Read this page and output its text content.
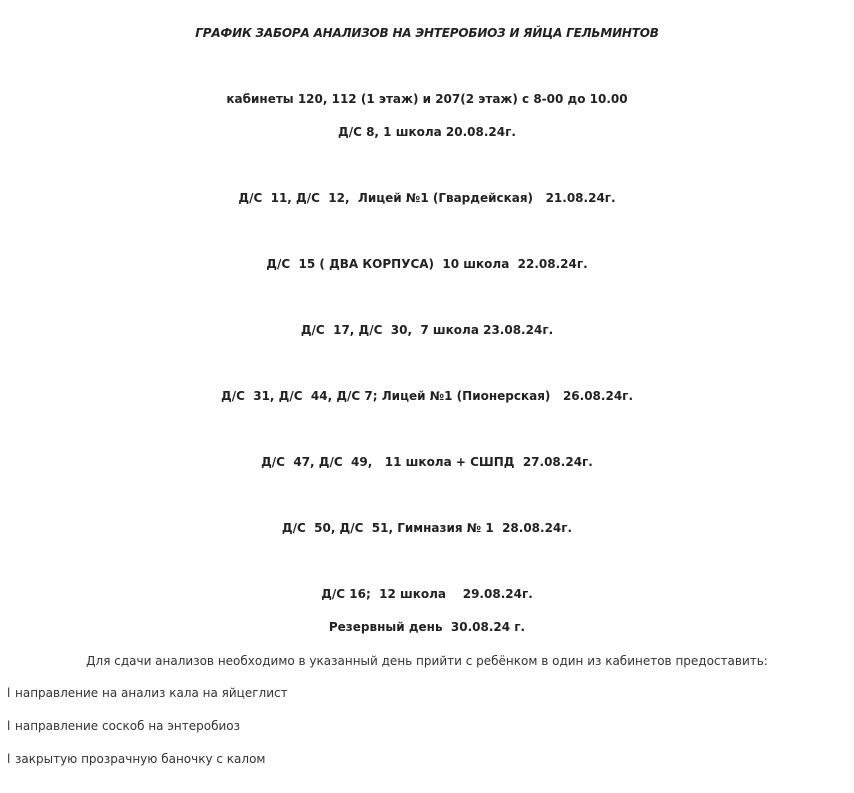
ГРАФИК ЗАБОРА АНАЛИЗОВ НА ЭНТЕРОБИОЗ И ЯЙЦА ГЕЛЬМИНТОВ
кабинеты 120, 112 (1 этаж) и 207(2 этаж) с 8-00 до 10.00
Д/С 8, 1 школа 20.08.24г.
Д/С  11, Д/С  12,  Лицей №1 (Гвардейская)   21.08.24г.
Д/С  15 ( ДВА КОРПУСА)  10 школа  22.08.24г.
Д/С  17, Д/С  30,  7 школа 23.08.24г.
Д/С  31, Д/С  44, Д/С 7; Лицей №1 (Пионерская)   26.08.24г.
Д/С  47, Д/С  49,   11 школа + СШПД  27.08.24г.
Д/С  50, Д/С  51, Гимназия № 1  28.08.24г.
Д/С 16;  12 школа    29.08.24г.
Резервный день  30.08.24 г.
Для сдачи анализов необходимо в указанный день прийти с ребёнком в один из кабинетов предоставить:
l направление на анализ кала на яйцеглист
l направление соскоб на энтеробиоз
l закрытую прозрачную баночку с калом
